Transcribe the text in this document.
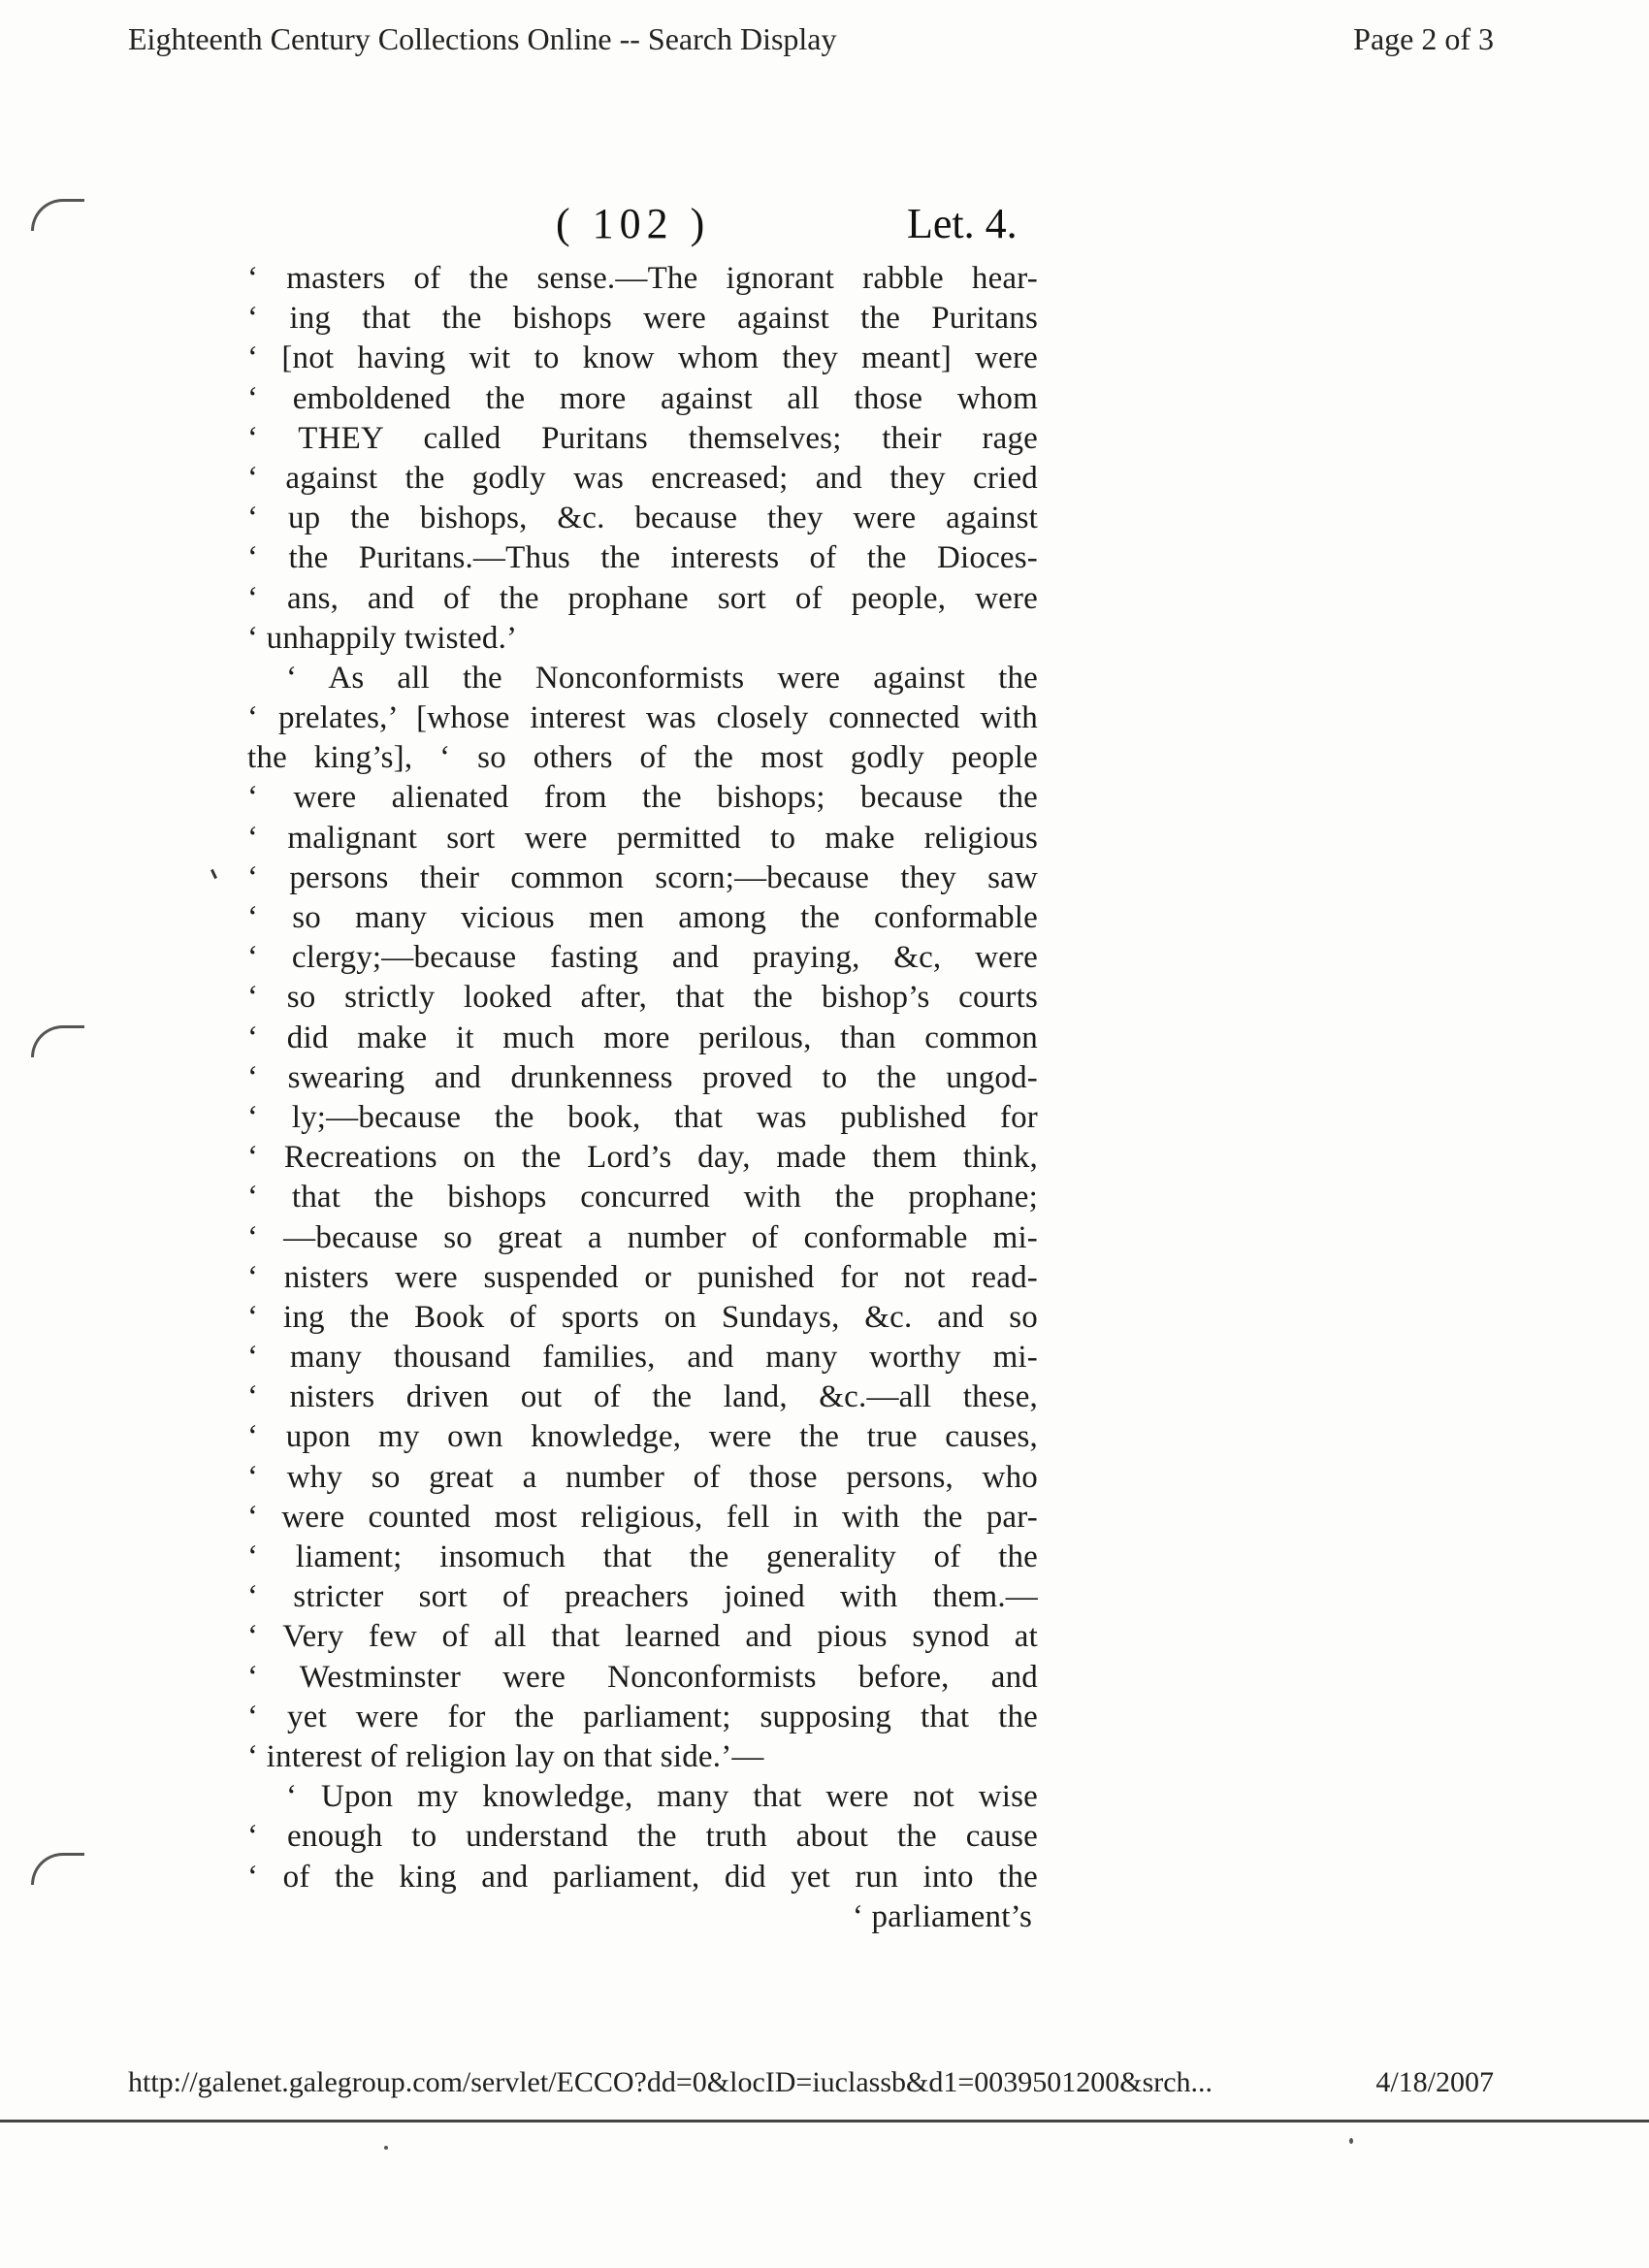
Eighteenth Century Collections Online -- Search Display	Page 2 of 3
( 102 )	Let. 4.
‘ masters of the sense.—The ignorant rabble hear-
‘ ing that the bishops were against the Puritans
‘ [not having wit to know whom they meant] were
‘ emboldened the more against all those whom
‘ THEY called Puritans themselves; their rage
‘ against the godly was encreased; and they cried
‘ up the bishops, &c. because they were against
‘ the Puritans.—Thus the interests of the Dioces-
‘ ans, and of the prophane sort of people, were
‘ unhappily twisted.’
‘ As all the Nonconformists were against the
‘ prelates,’ [whose interest was closely connected with
the king’s], ‘ so others of the most godly people
‘ were alienated from the bishops; because the
‘ malignant sort were permitted to make religious
‘ persons their common scorn;—because they saw
‘ so many vicious men among the conformable
‘ clergy;—because fasting and praying, &c, were
‘ so strictly looked after, that the bishop’s courts
‘ did make it much more perilous, than common
‘ swearing and drunkenness proved to the ungod-
‘ ly;—because the book, that was published for
‘ Recreations on the Lord’s day, made them think,
‘ that the bishops concurred with the prophane;
‘ —because so great a number of conformable mi-
‘ nisters were suspended or punished for not read-
‘ ing the Book of sports on Sundays, &c. and so
‘ many thousand families, and many worthy mi-
‘ nisters driven out of the land, &c.—all these,
‘ upon my own knowledge, were the true causes,
‘ why so great a number of those persons, who
‘ were counted most religious, fell in with the par-
‘ liament; insomuch that the generality of the
‘ stricter sort of preachers joined with them.—
‘ Very few of all that learned and pious synod at
‘ Westminster were Nonconformists before, and
‘ yet were for the parliament; supposing that the
‘ interest of religion lay on that side.’—
‘ Upon my knowledge, many that were not wise
‘ enough to understand the truth about the cause
‘ of the king and parliament, did yet run into the
‘ parliament’s
http://galenet.galegroup.com/servlet/ECCO?dd=0&locID=iuclassb&d1=0039501200&srch...	4/18/2007
